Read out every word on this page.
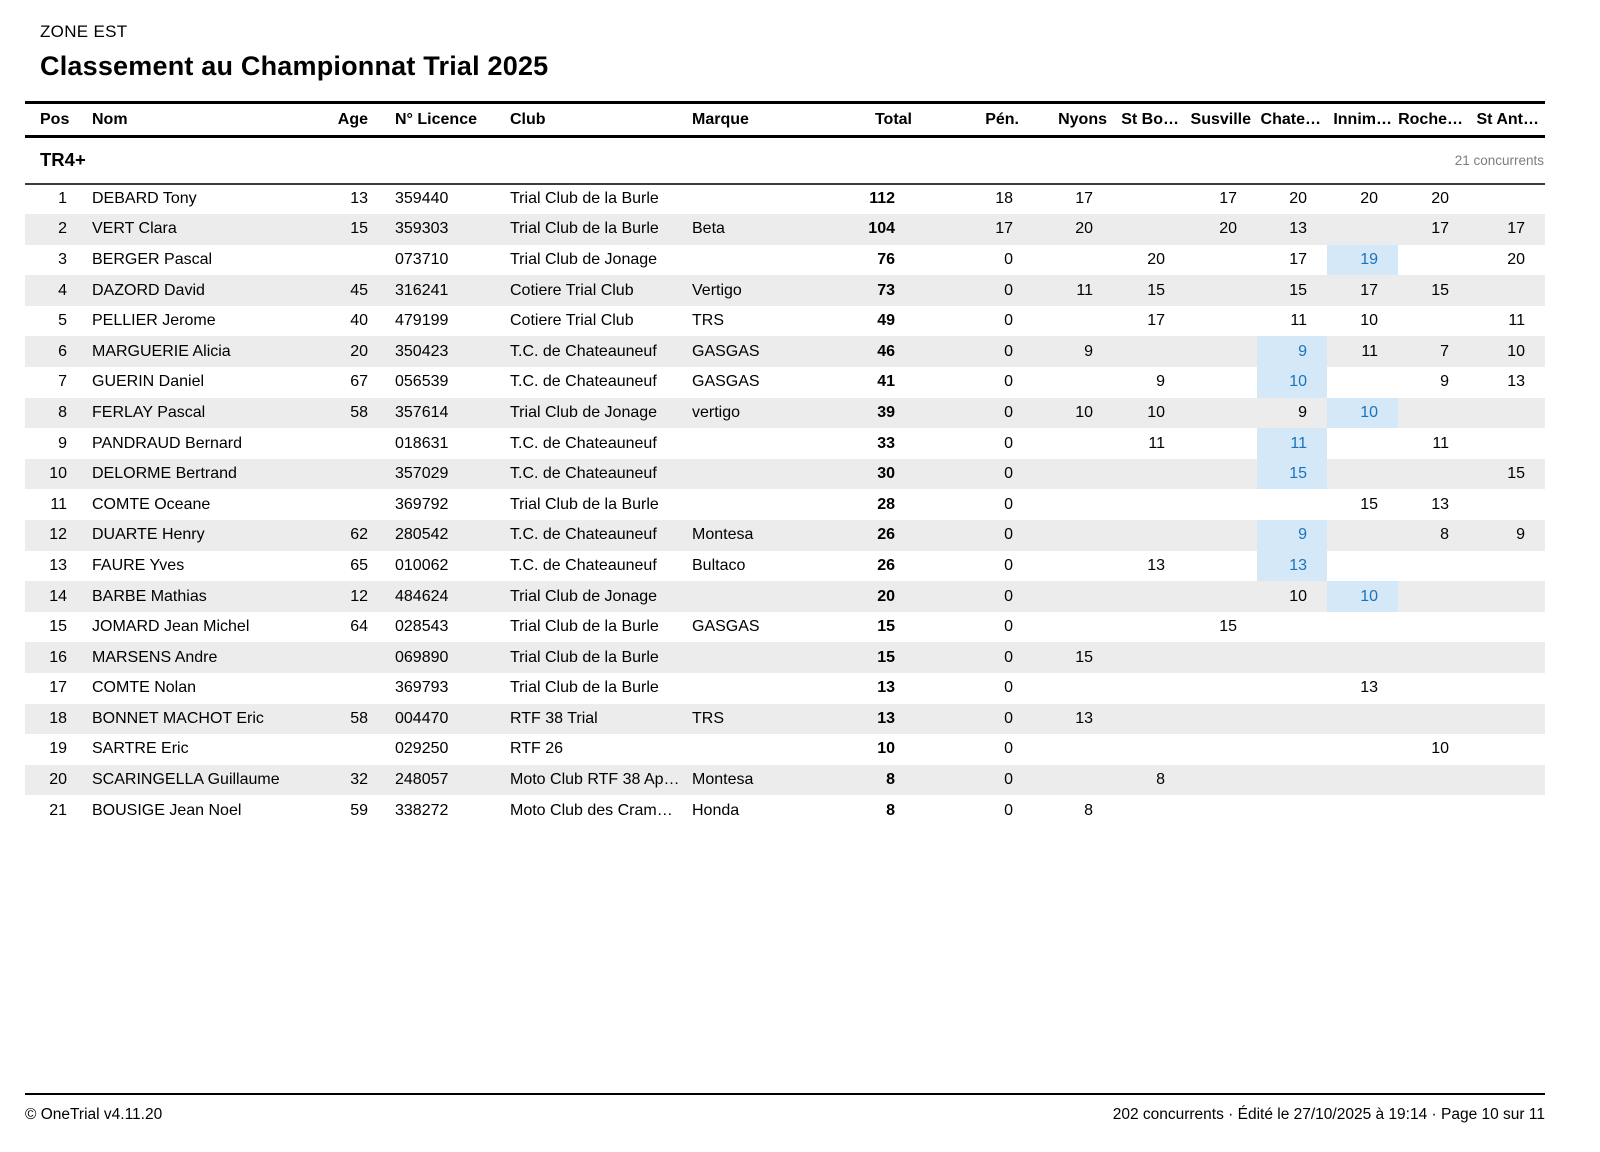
ZONE EST
Classement au Championnat Trial 2025
Pos	Nom	Age	N° Licence	Club	Marque	Total	Pén.	Nyons	St Bo…	Susville	Chate…	Innim…	Roche…	St Ant…

TR4+ 21 concurrents														

1	DEBARD Tony	13	359440	Trial Club de la Burle		112	18	17		17	20	20	20	
2	VERT Clara	15	359303	Trial Club de la Burle	Beta	104	17	20		20	13		17	17
3	BERGER Pascal		073710	Trial Club de Jonage		76	0		20		17	19		20
4	DAZORD David	45	316241	Cotiere Trial Club	Vertigo	73	0	11	15		15	17	15	
5	PELLIER Jerome	40	479199	Cotiere Trial Club	TRS	49	0		17		11	10		11
6	MARGUERIE Alicia	20	350423	T.C. de Chateauneuf	GASGAS	46	0	9			9	11	7	10
7	GUERIN Daniel	67	056539	T.C. de Chateauneuf	GASGAS	41	0		9		10		9	13
8	FERLAY Pascal	58	357614	Trial Club de Jonage	vertigo	39	0	10	10		9	10		
9	PANDRAUD Bernard		018631	T.C. de Chateauneuf		33	0		11		11		11	
10	DELORME Bertrand		357029	T.C. de Chateauneuf		30	0				15			15
11	COMTE Oceane		369792	Trial Club de la Burle		28	0					15	13	
12	DUARTE Henry	62	280542	T.C. de Chateauneuf	Montesa	26	0				9		8	9
13	FAURE Yves	65	010062	T.C. de Chateauneuf	Bultaco	26	0		13		13			
14	BARBE Mathias	12	484624	Trial Club de Jonage		20	0				10	10		
15	JOMARD Jean Michel	64	028543	Trial Club de la Burle	GASGAS	15	0			15				
16	MARSENS Andre		069890	Trial Club de la Burle		15	0	15						
17	COMTE Nolan		369793	Trial Club de la Burle		13	0					13		
18	BONNET MACHOT Eric	58	004470	RTF 38 Trial	TRS	13	0	13						
19	SARTRE Eric		029250	RTF 26		10	0						10	
20	SCARINGELLA Guillaume	32	248057	Moto Club RTF 38 Ap…	Montesa	8	0		8					
21	BOUSIGE Jean Noel	59	338272	Moto Club des Cram…	Honda	8	0	8						
© OneTrial v4.11.20	202 concurrents · Édité le 27/10/2025 à 19:14 · Page 10 sur 11
